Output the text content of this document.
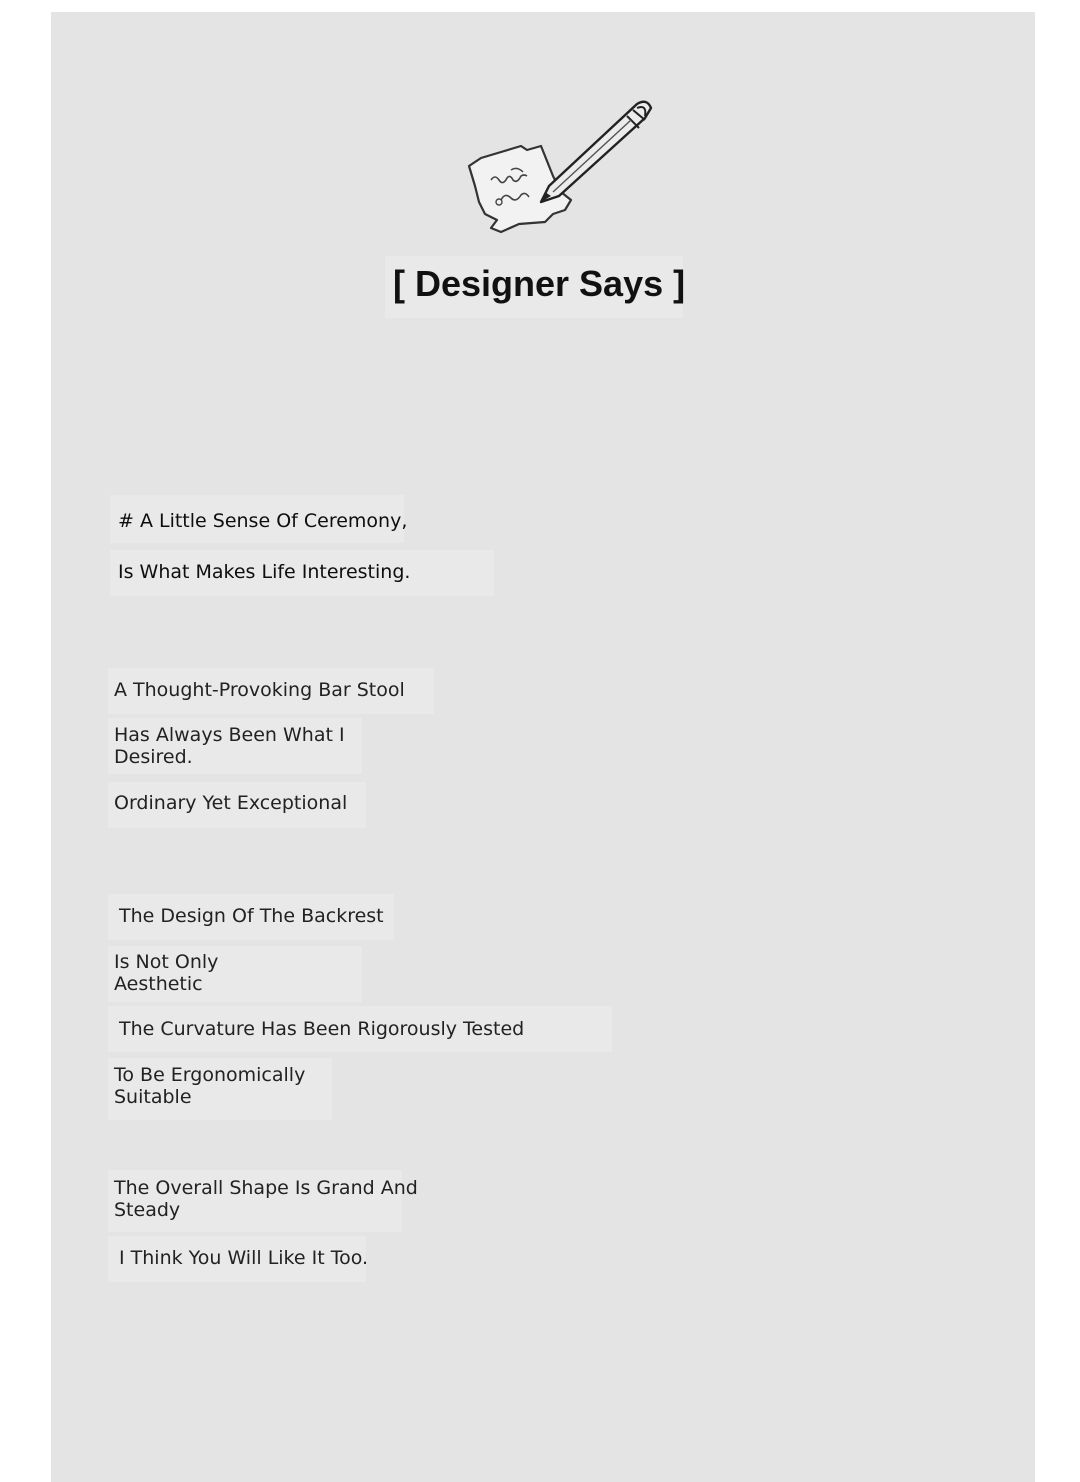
[ Designer Says ]
# A Little Sense Of Ceremony,
Is What Makes Life Interesting.
A Thought-Provoking Bar Stool
Has Always Been What I
Desired.
Ordinary Yet Exceptional
The Design Of The Backrest
Is Not Only
Aesthetic
The Curvature Has Been Rigorously Tested
To Be Ergonomically
Suitable
The Overall Shape Is Grand And
Steady
I Think You Will Like It Too.
